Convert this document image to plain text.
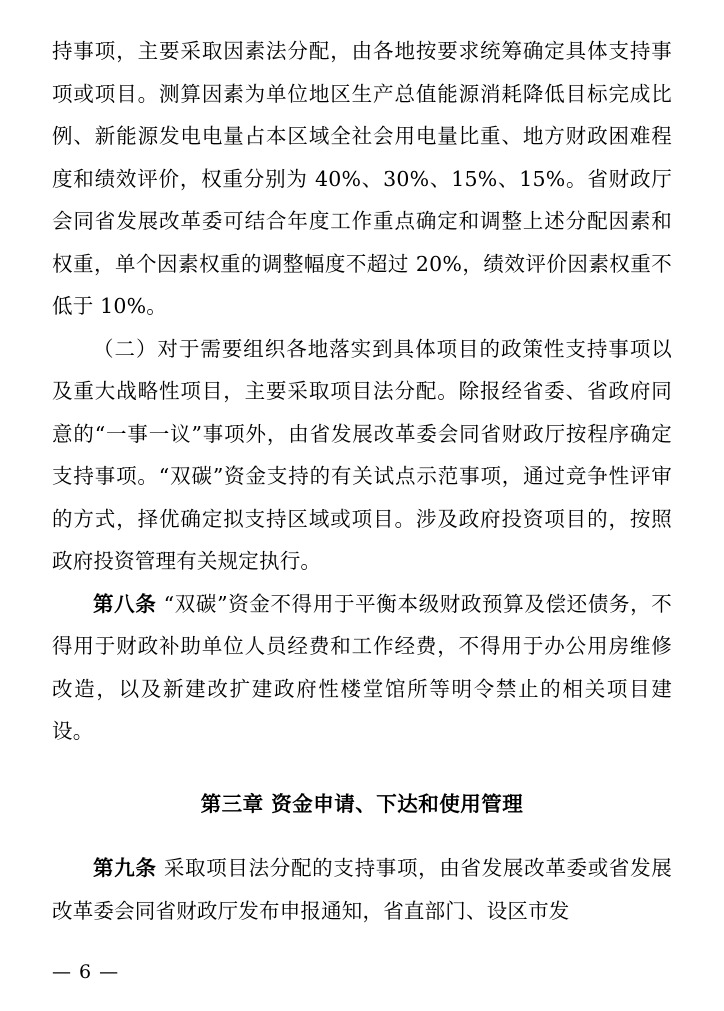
持事项，主要采取因素法分配，由各地按要求统筹确定具体支持事项或项目。测算因素为单位地区生产总值能源消耗降低目标完成比例、新能源发电电量占本区域全社会用电量比重、地方财政困难程度和绩效评价，权重分别为 40%、30%、15%、15%。省财政厅会同省发展改革委可结合年度工作重点确定和调整上述分配因素和权重，单个因素权重的调整幅度不超过 20%，绩效评价因素权重不低于 10%。

（二）对于需要组织各地落实到具体项目的政策性支持事项以及重大战略性项目，主要采取项目法分配。除报经省委、省政府同意的“一事一议”事项外，由省发展改革委会同省财政厅按程序确定支持事项。“双碳”资金支持的有关试点示范事项，通过竞争性评审的方式，择优确定拟支持区域或项目。涉及政府投资项目的，按照政府投资管理有关规定执行。

第八条 “双碳”资金不得用于平衡本级财政预算及偿还债务，不得用于财政补助单位人员经费和工作经费，不得用于办公用房维修改造，以及新建改扩建政府性楼堂馆所等明令禁止的相关项目建设。

第三章 资金申请、下达和使用管理

第九条 采取项目法分配的支持事项，由省发展改革委或省发展改革委会同省财政厅发布申报通知，省直部门、设区市发

— 6 —
